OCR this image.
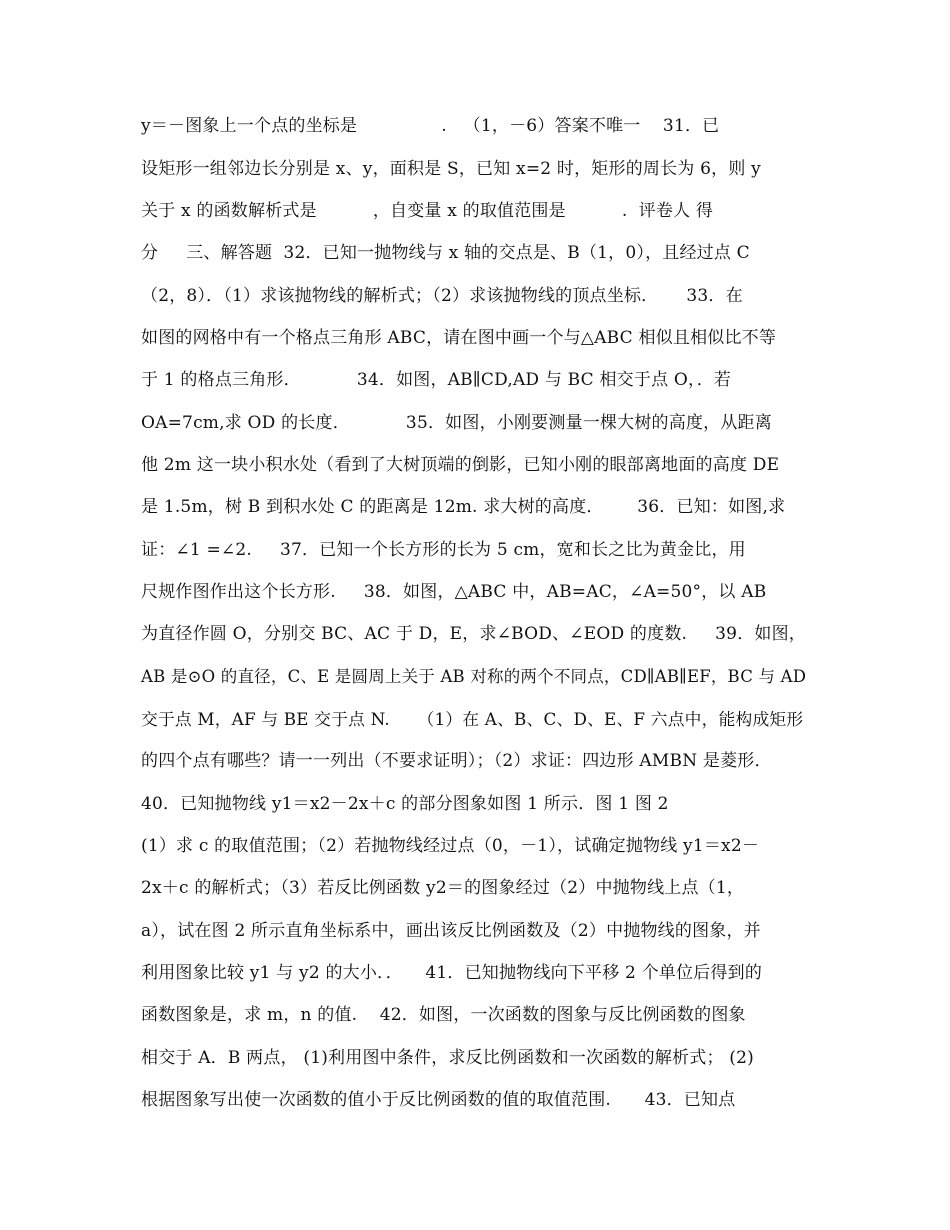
y＝－图象上一个点的坐标是               .   （1，－6）答案不唯一    31．已
设矩形一组邻边长分别是 x、y，面积是 S，已知 x=2 时，矩形的周长为 6，则 y
关于 x 的函数解析式是          ，自变量 x 的取值范围是          .  评卷人 得
分     三、解答题  32．已知一抛物线与 x 轴的交点是、B（1，0），且经过点 C
（2，8）．（1）求该抛物线的解析式；（2）求该抛物线的顶点坐标．     33．在
如图的网格中有一个格点三角形 ABC，请在图中画一个与△ABC 相似且相似比不等
于 1 的格点三角形．          34．如图，AB∥CD,AD 与 BC 相交于点 O，．若
OA=7cm,求 OD 的长度．          35．如图，小刚要测量一棵大树的高度，从距离
他 2m 这一块小积水处（看到了大树顶端的倒影，已知小刚的眼部离地面的高度 DE
是 1.5m，树 B 到积水处 C 的距离是 12m. 求大树的高度．      36．已知：如图,求
证：∠1 =∠2.     37．已知一个长方形的长为 5 cm，宽和长之比为黄金比，用
尺规作图作出这个长方形.     38．如图，△ABC 中，AB=AC，∠A=50°，以 AB
为直径作圆 O，分别交 BC、AC 于 D，E，求∠BOD、∠EOD 的度数.     39．如图，
AB 是⊙O 的直径，C、E 是圆周上关于 AB 对称的两个不同点，CD∥AB∥EF，BC 与 AD
交于点 M，AF 与 BE 交于点 N.     （1）在 A、B、C、D、E、F 六点中，能构成矩形
的四个点有哪些？请一一列出（不要求证明）；（2）求证：四边形 AMBN 是菱形．
40．已知抛物线 y1＝x2－2x＋c 的部分图象如图 1 所示．图 1 图 2
(1）求 c 的取值范围；（2）若抛物线经过点（0，－1），试确定抛物线 y1＝x2－
2x＋c 的解析式；（3）若反比例函数 y2＝的图象经过（2）中抛物线上点（1，
a），试在图 2 所示直角坐标系中，画出该反比例函数及（2）中抛物线的图象，并
利用图象比较 y1 与 y2 的大小．．    41．已知抛物线向下平移 2 个单位后得到的
函数图象是，求 m，n 的值.    42．如图，一次函数的图象与反比例函数的图象
相交于 A．B 两点， (1)利用图中条件，求反比例函数和一次函数的解析式； (2)
根据图象写出使一次函数的值小于反比例函数的值的取值范围.      43．已知点
